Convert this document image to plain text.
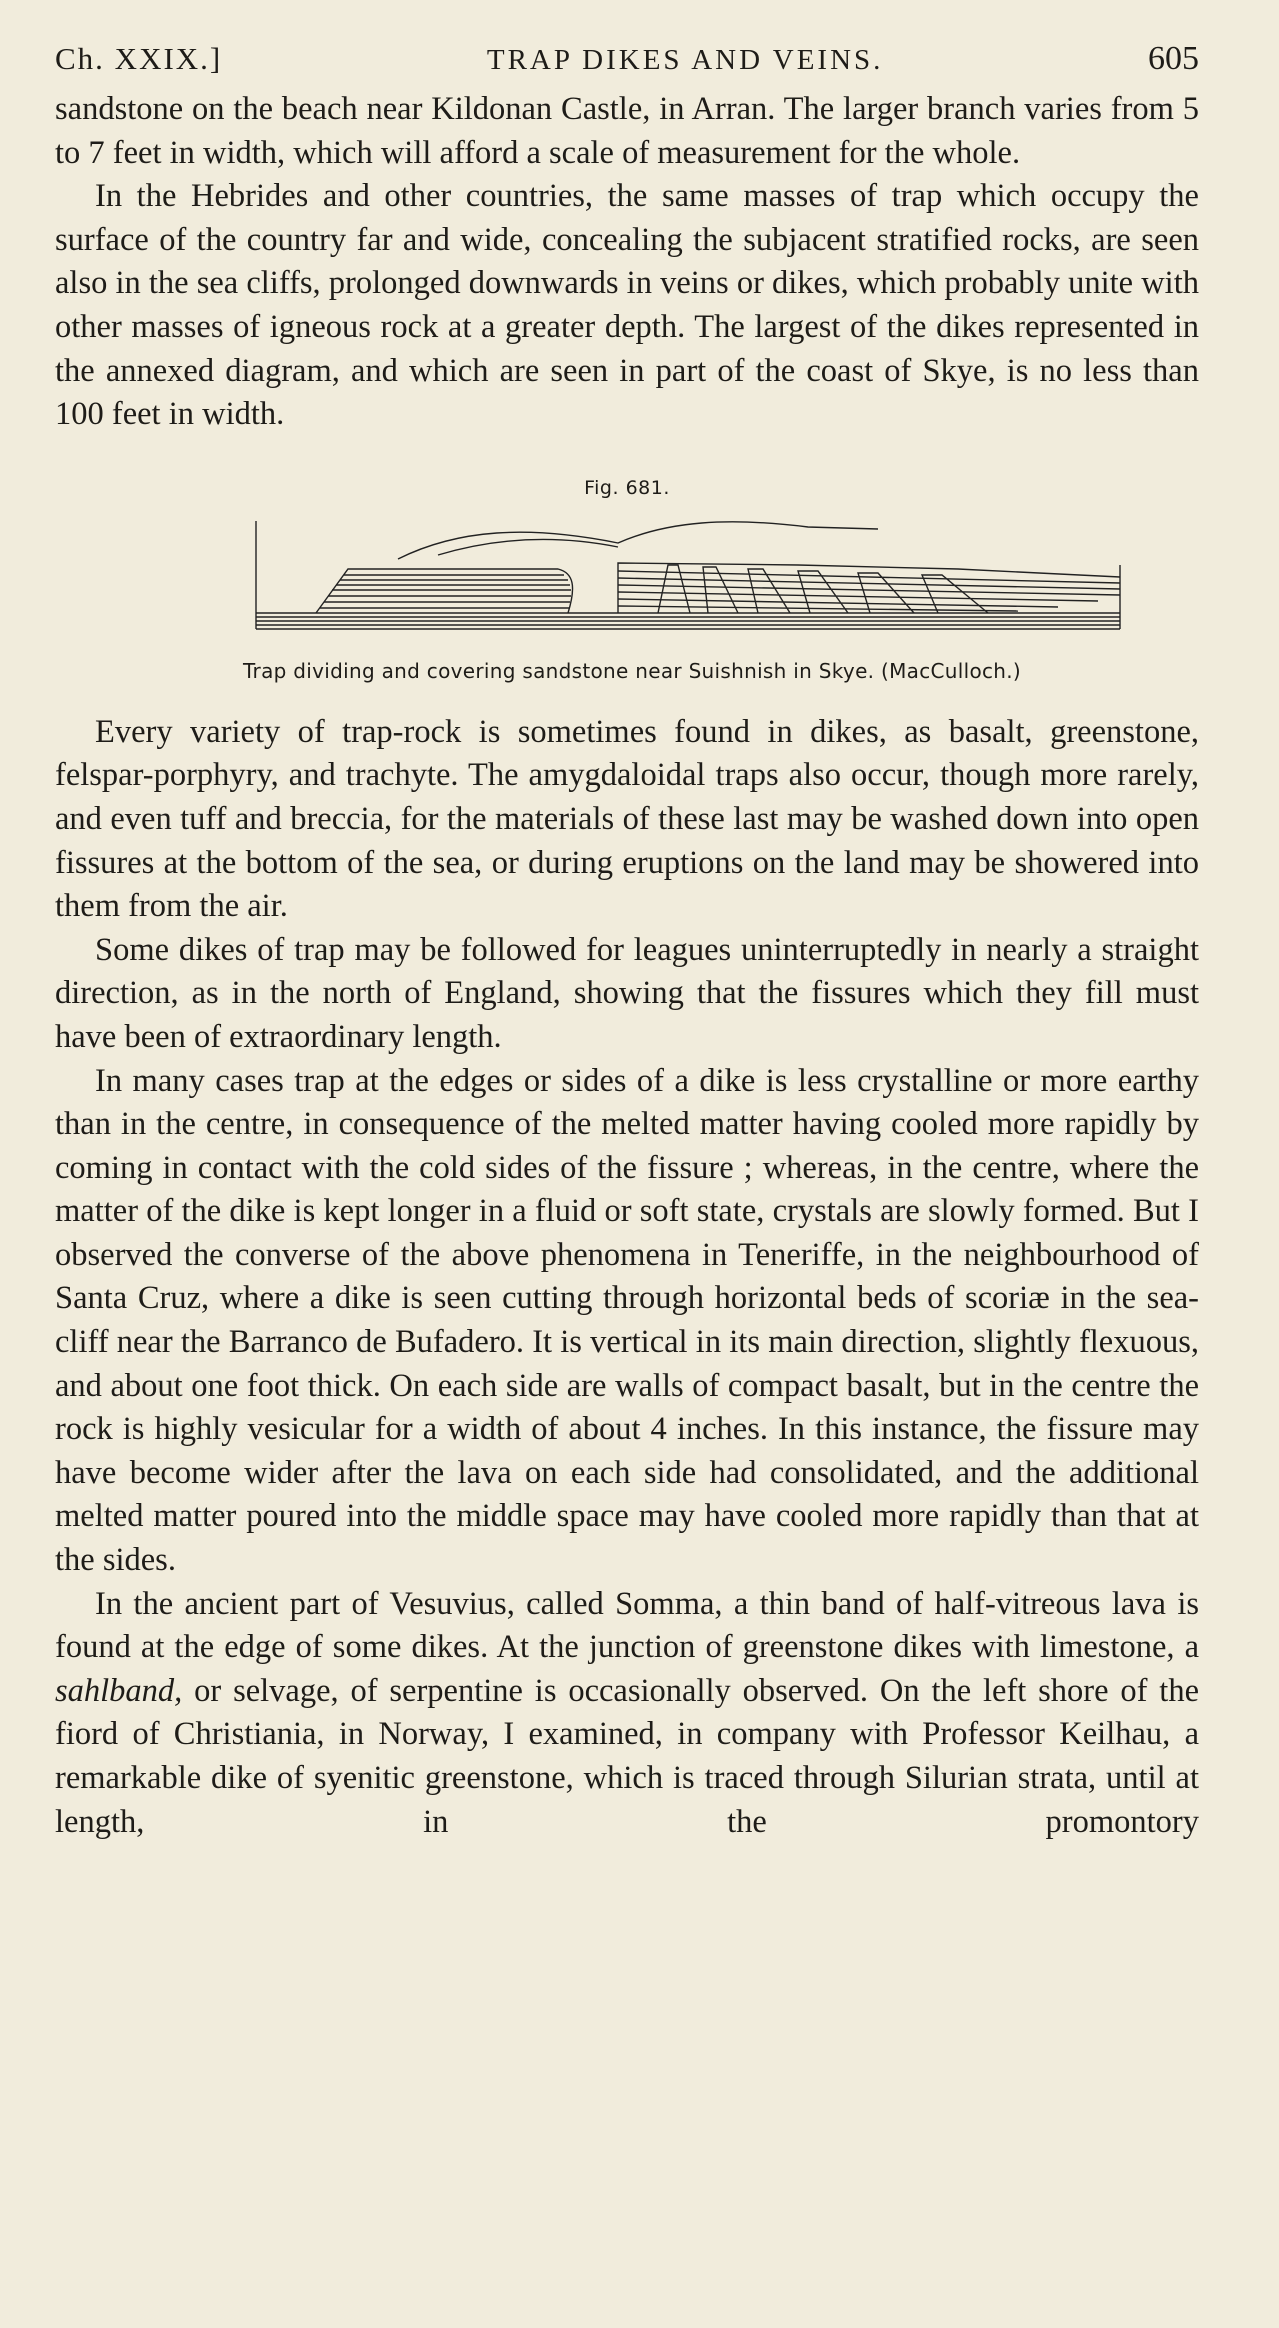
Ch. XXIX.]	TRAP DIKES AND VEINS.	605

sandstone on the beach near Kildonan Castle, in Arran. The larger branch varies from 5 to 7 feet in width, which will afford a scale of measurement for the whole.

In the Hebrides and other countries, the same masses of trap which occupy the surface of the country far and wide, concealing the subjacent stratified rocks, are seen also in the sea cliffs, prolonged downwards in veins or dikes, which probably unite with other masses of igneous rock at a greater depth. The largest of the dikes represented in the annexed diagram, and which are seen in part of the coast of Skye, is no less than 100 feet in width.

Fig. 681.
Trap dividing and covering sandstone near Suishnish in Skye. (MacCulloch.)

Every variety of trap-rock is sometimes found in dikes, as basalt, greenstone, felspar-porphyry, and trachyte. The amygdaloidal traps also occur, though more rarely, and even tuff and breccia, for the materials of these last may be washed down into open fissures at the bottom of the sea, or during eruptions on the land may be showered into them from the air.

Some dikes of trap may be followed for leagues uninterruptedly in nearly a straight direction, as in the north of England, showing that the fissures which they fill must have been of extraordinary length.

In many cases trap at the edges or sides of a dike is less crystalline or more earthy than in the centre, in consequence of the melted matter having cooled more rapidly by coming in contact with the cold sides of the fissure ; whereas, in the centre, where the matter of the dike is kept longer in a fluid or soft state, crystals are slowly formed. But I observed the converse of the above phenomena in Teneriffe, in the neighbourhood of Santa Cruz, where a dike is seen cutting through horizontal beds of scoriæ in the sea-cliff near the Barranco de Bufadero. It is vertical in its main direction, slightly flexuous, and about one foot thick. On each side are walls of compact basalt, but in the centre the rock is highly vesicular for a width of about 4 inches. In this instance, the fissure may have become wider after the lava on each side had consolidated, and the additional melted matter poured into the middle space may have cooled more rapidly than that at the sides.

In the ancient part of Vesuvius, called Somma, a thin band of half-vitreous lava is found at the edge of some dikes. At the junction of greenstone dikes with limestone, a sahlband, or selvage, of serpentine is occasionally observed. On the left shore of the fiord of Christiania, in Norway, I examined, in company with Professor Keilhau, a remarkable dike of syenitic greenstone, which is traced through Silurian strata, until at length, in the promontory
